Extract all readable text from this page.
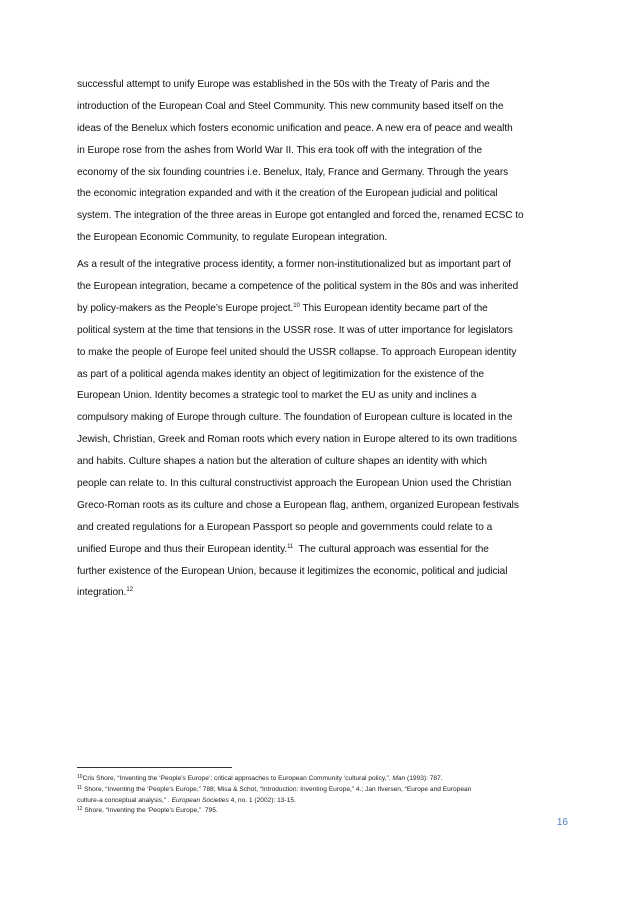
successful attempt to unify Europe was established in the 50s with the Treaty of Paris and the
introduction of the European Coal and Steel Community. This new community based itself on the
ideas of the Benelux which fosters economic unification and peace. A new era of peace and wealth
in Europe rose from the ashes from World War II. This era took off with the integration of the
economy of the six founding countries i.e. Benelux, Italy, France and Germany. Through the years
the economic integration expanded and with it the creation of the European judicial and political
system. The integration of the three areas in Europe got entangled and forced the, renamed ECSC to
the European Economic Community, to regulate European integration.
As a result of the integrative process identity, a former non-institutionalized but as important part of
the European integration, became a competence of the political system in the 80s and was inherited
by policy-makers as the People’s Europe project.$^{10}$ This European identity became part of the
political system at the time that tensions in the USSR rose. It was of utter importance for legislators
to make the people of Europe feel united should the USSR collapse. To approach European identity
as part of a political agenda makes identity an object of legitimization for the existence of the
European Union. Identity becomes a strategic tool to market the EU as unity and inclines a
compulsory making of Europe through culture. The foundation of European culture is located in the
Jewish, Christian, Greek and Roman roots which every nation in Europe altered to its own traditions
and habits. Culture shapes a nation but the alteration of culture shapes an identity with which
people can relate to. In this cultural constructivist approach the European Union used the Christian
Greco-Roman roots as its culture and chose a European flag, anthem, organized European festivals
and created regulations for a European Passport so people and governments could relate to a
unified Europe and thus their European identity.$^{11}$  The cultural approach was essential for the
further existence of the European Union, because it legitimizes the economic, political and judicial
integration.$^{12}$
$^{10}$Cris Shore, “Inventing the ‘People’s Europe’: critical approaches to European Community ‘cultural policy,”. Man (1993): 787.
$^{11}$ Shore, “Inventing the ‘People’s Europe,” 788; Misa & Schot, “Introduction: Inventing Europe,” 4.; Jan Ifversen, “Europe and European
culture-a conceptual analysis,” . European Societies 4, no. 1 (2002): 13-15.
$^{12}$ Shore, “Inventing the ‘People’s Europe,”  795.
16
